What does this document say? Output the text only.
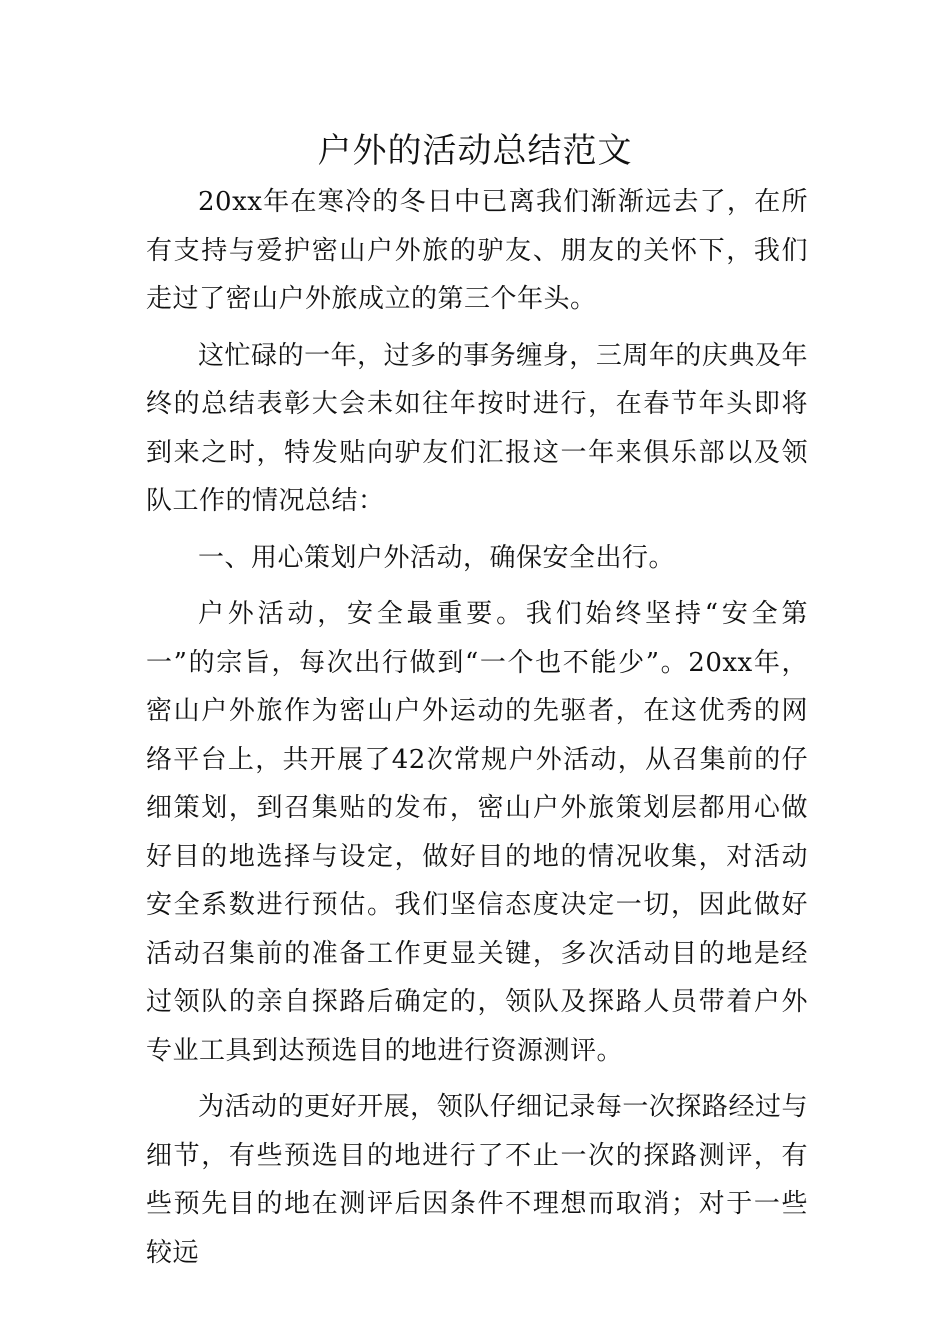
户外的活动总结范文

20xx年在寒冷的冬日中已离我们渐渐远去了，在所有支持与爱护密山户外旅的驴友、朋友的关怀下，我们走过了密山户外旅成立的第三个年头。

这忙碌的一年，过多的事务缠身，三周年的庆典及年终的总结表彰大会未如往年按时进行，在春节年头即将到来之时，特发贴向驴友们汇报这一年来俱乐部以及领队工作的情况总结：

一、用心策划户外活动，确保安全出行。

户外活动，安全最重要。我们始终坚持“安全第一”的宗旨，每次出行做到“一个也不能少”。20xx年，密山户外旅作为密山户外运动的先驱者，在这优秀的网络平台上，共开展了42次常规户外活动，从召集前的仔细策划，到召集贴的发布，密山户外旅策划层都用心做好目的地选择与设定，做好目的地的情况收集，对活动安全系数进行预估。我们坚信态度决定一切，因此做好活动召集前的准备工作更显关键，多次活动目的地是经过领队的亲自探路后确定的，领队及探路人员带着户外专业工具到达预选目的地进行资源测评。

为活动的更好开展，领队仔细记录每一次探路经过与细节，有些预选目的地进行了不止一次的探路测评，有些预先目的地在测评后因条件不理想而取消；对于一些较远
